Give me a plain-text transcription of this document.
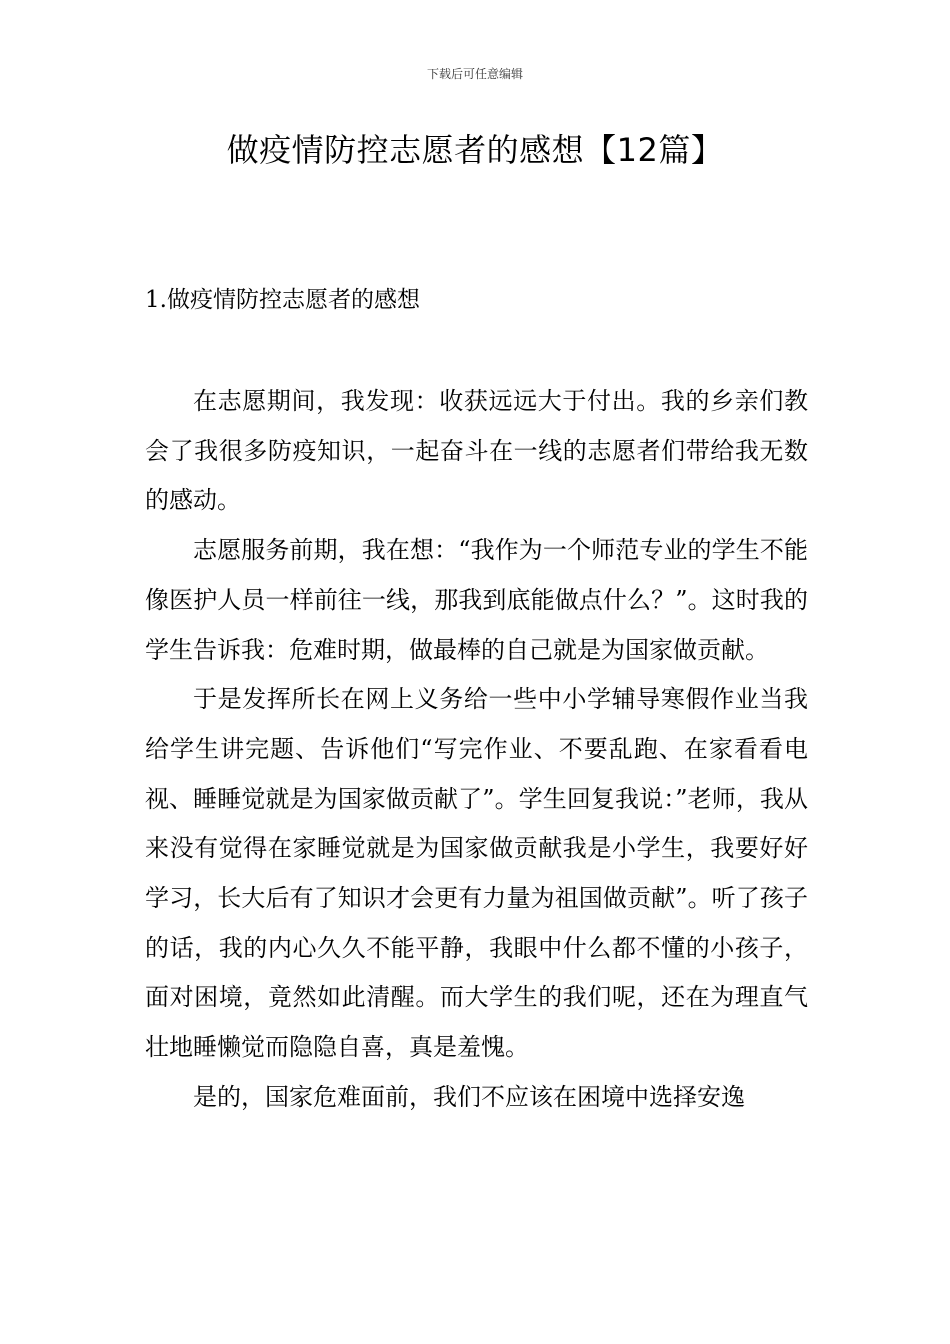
下载后可任意编辑
做疫情防控志愿者的感想【12篇】
1.做疫情防控志愿者的感想

在志愿期间，我发现：收获远远大于付出。我的乡亲们教会了我很多防疫知识，一起奋斗在一线的志愿者们带给我无数的感动。

志愿服务前期，我在想：“我作为一个师范专业的学生不能像医护人员一样前往一线，那我到底能做点什么？”。这时我的学生告诉我：危难时期，做最棒的自己就是为国家做贡献。

于是发挥所长在网上义务给一些中小学辅导寒假作业当我给学生讲完题、告诉他们“写完作业、不要乱跑、在家看看电视、睡睡觉就是为国家做贡献了”。学生回复我说：”老师，我从来没有觉得在家睡觉就是为国家做贡献我是小学生，我要好好学习，长大后有了知识才会更有力量为祖国做贡献”。听了孩子的话，我的内心久久不能平静，我眼中什么都不懂的小孩子，面对困境，竟然如此清醒。而大学生的我们呢，还在为理直气壮地睡懒觉而隐隐自喜，真是羞愧。

是的，国家危难面前，我们不应该在困境中选择安逸
